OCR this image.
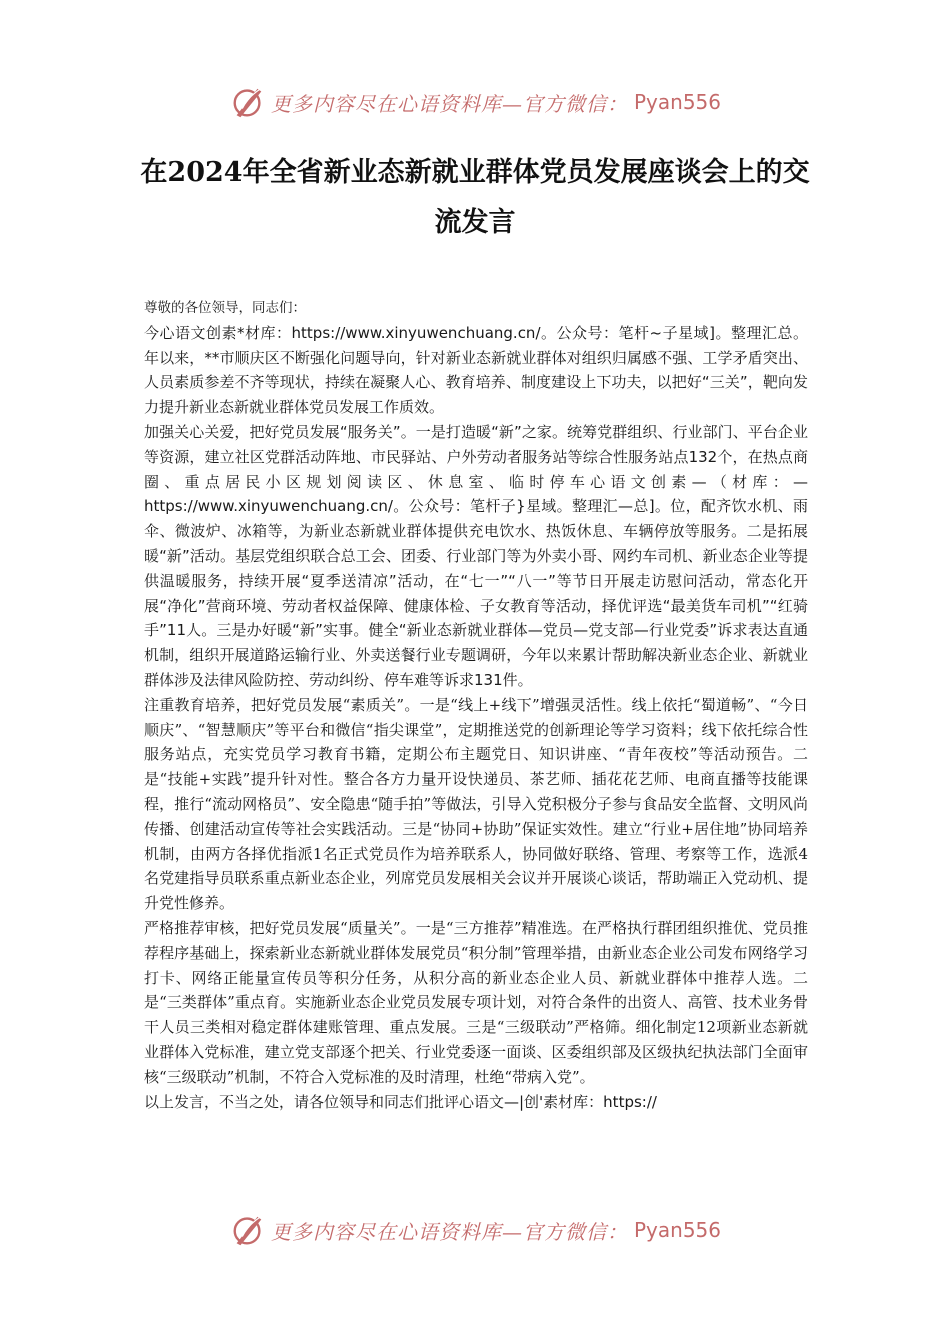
更多内容尽在心语资料库—官方微信： Pyan556
在2024年全省新业态新就业群体党员发展座谈会上的交流发言

尊敬的各位领导，同志们：

今心语文创素*材库：https://www.xinyuwenchuang.cn/。公众号：笔杆~子星域]。整理汇总。年以来，**市顺庆区不断强化问题导向，针对新业态新就业群体对组织归属感不强、工学矛盾突出、人员素质参差不齐等现状，持续在凝聚人心、教育培养、制度建设上下功夫，以把好“三关”，靶向发力提升新业态新就业群体党员发展工作质效。

加强关心关爱，把好党员发展“服务关”。一是打造暖“新”之家。统筹党群组织、行业部门、平台企业等资源，建立社区党群活动阵地、市民驿站、户外劳动者服务站等综合性服务站点132个，在热点商圈、重点居民小区规划阅读区、休息室、临时停车心语文创素—（材库：—https://www.xinyuwenchuang.cn/。公众号：笔杆子}星域。整理汇—总]。位，配齐饮水机、雨伞、微波炉、冰箱等，为新业态新就业群体提供充电饮水、热饭休息、车辆停放等服务。二是拓展暖“新”活动。基层党组织联合总工会、团委、行业部门等为外卖小哥、网约车司机、新业态企业等提供温暖服务，持续开展“夏季送清凉”活动，在“七一”“八一”等节日开展走访慰问活动，常态化开展“净化”营商环境、劳动者权益保障、健康体检、子女教育等活动，择优评选“最美货车司机”“红骑手”11人。三是办好暖“新”实事。健全“新业态新就业群体—党员—党支部—行业党委”诉求表达直通机制，组织开展道路运输行业、外卖送餐行业专题调研，今年以来累计帮助解决新业态企业、新就业群体涉及法律风险防控、劳动纠纷、停车难等诉求131件。

注重教育培养，把好党员发展“素质关”。一是“线上+线下”增强灵活性。线上依托“蜀道畅”、“今日顺庆”、“智慧顺庆”等平台和微信“指尖课堂”，定期推送党的创新理论等学习资料；线下依托综合性服务站点，充实党员学习教育书籍，定期公布主题党日、知识讲座、“青年夜校”等活动预告。二是“技能+实践”提升针对性。整合各方力量开设快递员、茶艺师、插花花艺师、电商直播等技能课程，推行“流动网格员”、安全隐患“随手拍”等做法，引导入党积极分子参与食品安全监督、文明风尚传播、创建活动宣传等社会实践活动。三是“协同+协助”保证实效性。建立“行业+居住地”协同培养机制，由两方各择优指派1名正式党员作为培养联系人，协同做好联络、管理、考察等工作，选派4名党建指导员联系重点新业态企业，列席党员发展相关会议并开展谈心谈话，帮助端正入党动机、提升党性修养。

严格推荐审核，把好党员发展“质量关”。一是“三方推荐”精准选。在严格执行群团组织推优、党员推荐程序基础上，探索新业态新就业群体发展党员“积分制”管理举措，由新业态企业公司发布网络学习打卡、网络正能量宣传员等积分任务，从积分高的新业态企业人员、新就业群体中推荐人选。二是“三类群体”重点育。实施新业态企业党员发展专项计划，对符合条件的出资人、高管、技术业务骨干人员三类相对稳定群体建账管理、重点发展。三是“三级联动”严格筛。细化制定12项新业态新就业群体入党标准，建立党支部逐个把关、行业党委逐一面谈、区委组织部及区级执纪执法部门全面审核“三级联动”机制，不符合入党标准的及时清理，杜绝“带病入党”。

以上发言，不当之处，请各位领导和同志们批评心语文—|创'素材库：https://

更多内容尽在心语资料库—官方微信： Pyan556
